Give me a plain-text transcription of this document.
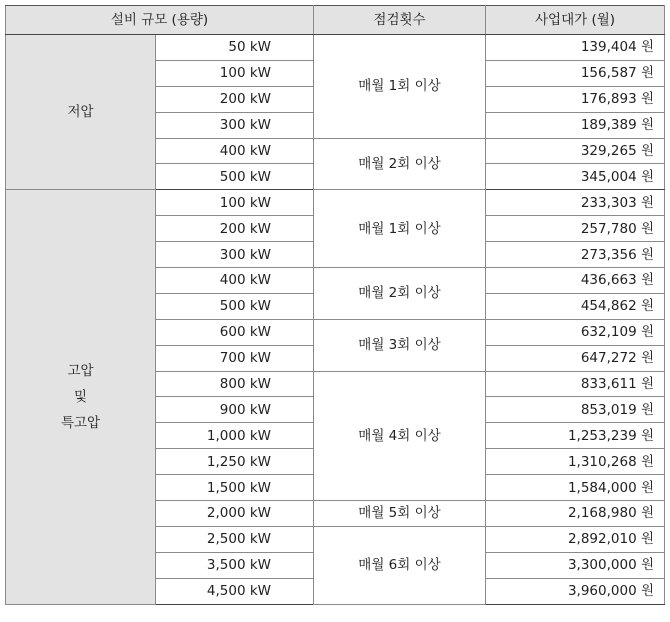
설비 규모 (용량)		점검횟수	사업대가 (월)

저압	50 kW	매월 1회 이상	139,404 원
	100 kW		156,587 원
	200 kW		176,893 원
	300 kW		189,389 원
	400 kW	매월 2회 이상	329,265 원
	500 kW		345,004 원

고압
및
특고압	100 kW	매월 1회 이상	233,303 원
	200 kW		257,780 원
	300 kW		273,356 원
	400 kW	매월 2회 이상	436,663 원
	500 kW		454,862 원
	600 kW	매월 3회 이상	632,109 원
	700 kW		647,272 원
	800 kW	매월 4회 이상	833,611 원
	900 kW		853,019 원
	1,000 kW		1,253,239 원
	1,250 kW		1,310,268 원
	1,500 kW		1,584,000 원
	2,000 kW	매월 5회 이상	2,168,980 원
	2,500 kW	매월 6회 이상	2,892,010 원
	3,500 kW		3,300,000 원
	4,500 kW		3,960,000 원
